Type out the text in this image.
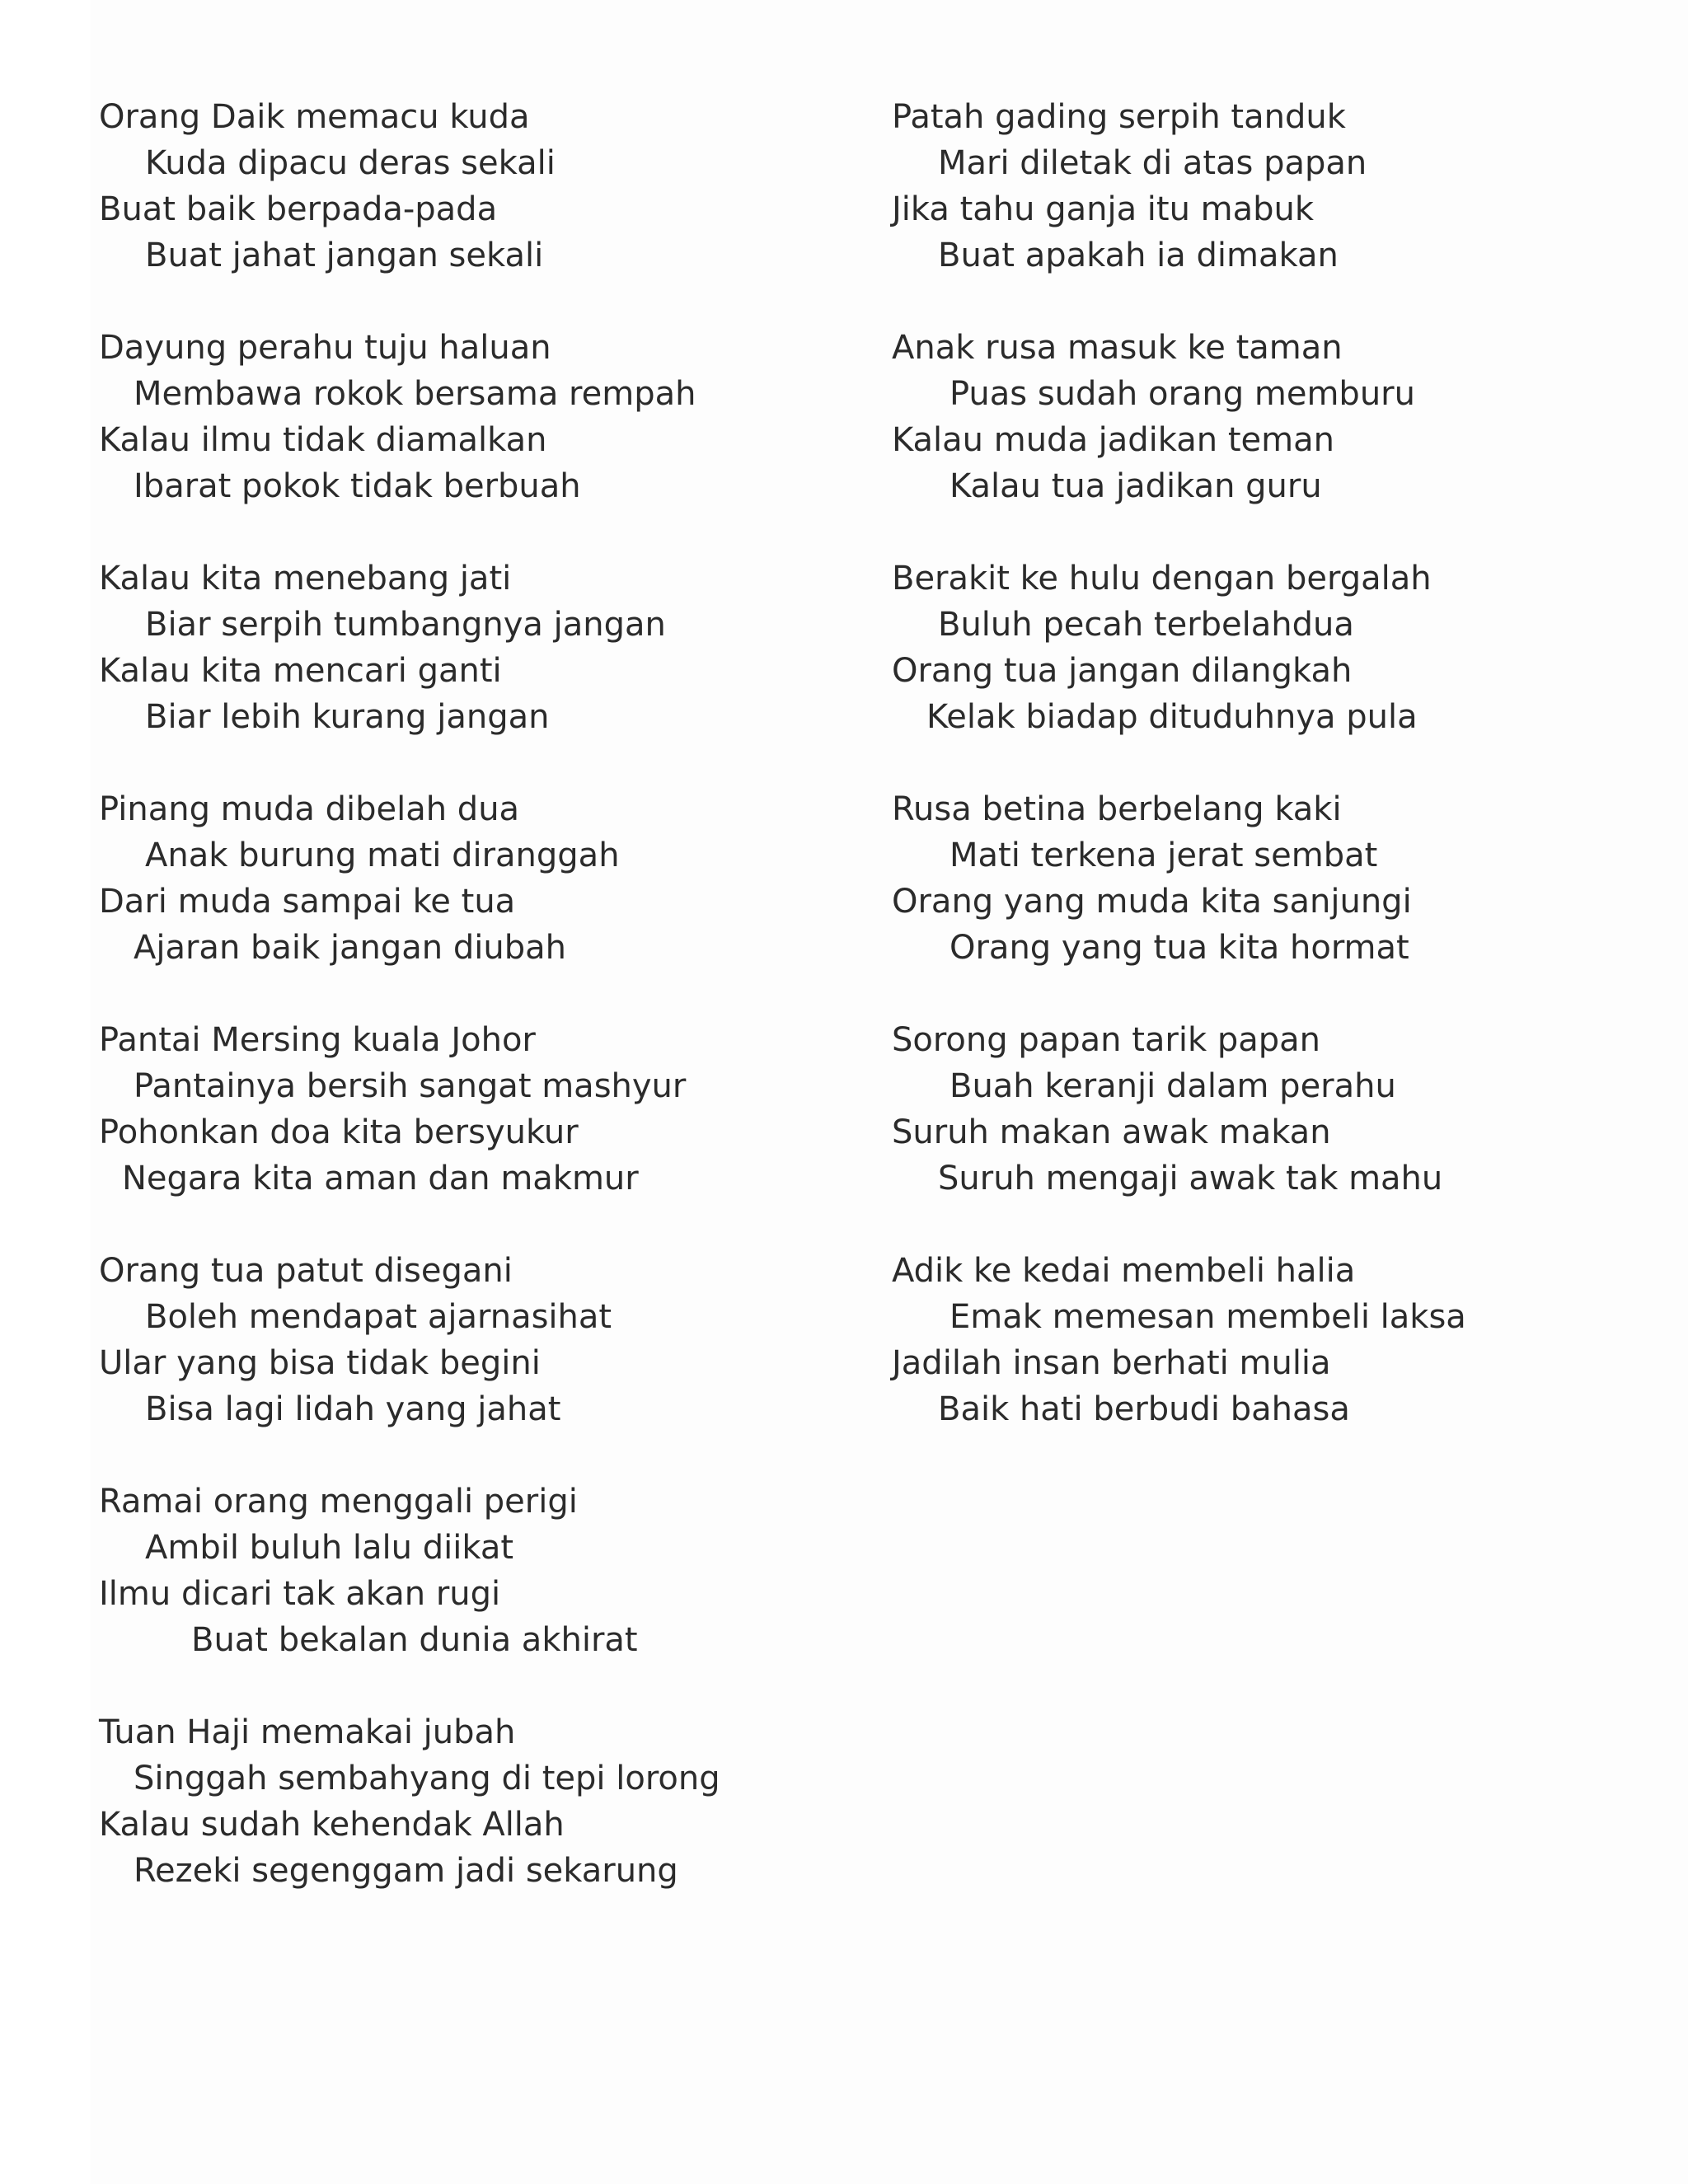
Orang Daik memacu kuda
Kuda dipacu deras sekali
Buat baik berpada-pada
Buat jahat jangan sekali
Dayung perahu tuju haluan
Membawa rokok bersama rempah
Kalau ilmu tidak diamalkan
Ibarat pokok tidak berbuah
Kalau kita menebang jati
Biar serpih tumbangnya jangan
Kalau kita mencari ganti
Biar lebih kurang jangan
Pinang muda dibelah dua
Anak burung mati diranggah
Dari muda sampai ke tua
Ajaran baik jangan diubah
Pantai Mersing kuala Johor
Pantainya bersih sangat mashyur
Pohonkan doa kita bersyukur
Negara kita aman dan makmur
Orang tua patut disegani
Boleh mendapat ajarnasihat
Ular yang bisa tidak begini
Bisa lagi lidah yang jahat
Ramai orang menggali perigi
Ambil buluh lalu diikat
Ilmu dicari tak akan rugi
Buat bekalan dunia akhirat
Tuan Haji memakai jubah
Singgah sembahyang di tepi lorong
Kalau sudah kehendak Allah
Rezeki segenggam jadi sekarung
Patah gading serpih tanduk
Mari diletak di atas papan
Jika tahu ganja itu mabuk
Buat apakah ia dimakan
Anak rusa masuk ke taman
Puas sudah orang memburu
Kalau muda jadikan teman
Kalau tua jadikan guru
Berakit ke hulu dengan bergalah
Buluh pecah terbelahdua
Orang tua jangan dilangkah
Kelak biadap dituduhnya pula
Rusa betina berbelang kaki
Mati terkena jerat sembat
Orang yang muda kita sanjungi
Orang yang tua kita hormat
Sorong papan tarik papan
Buah keranji dalam perahu
Suruh makan awak makan
Suruh mengaji awak tak mahu
Adik ke kedai membeli halia
Emak memesan membeli laksa
Jadilah insan berhati mulia
Baik hati berbudi bahasa
